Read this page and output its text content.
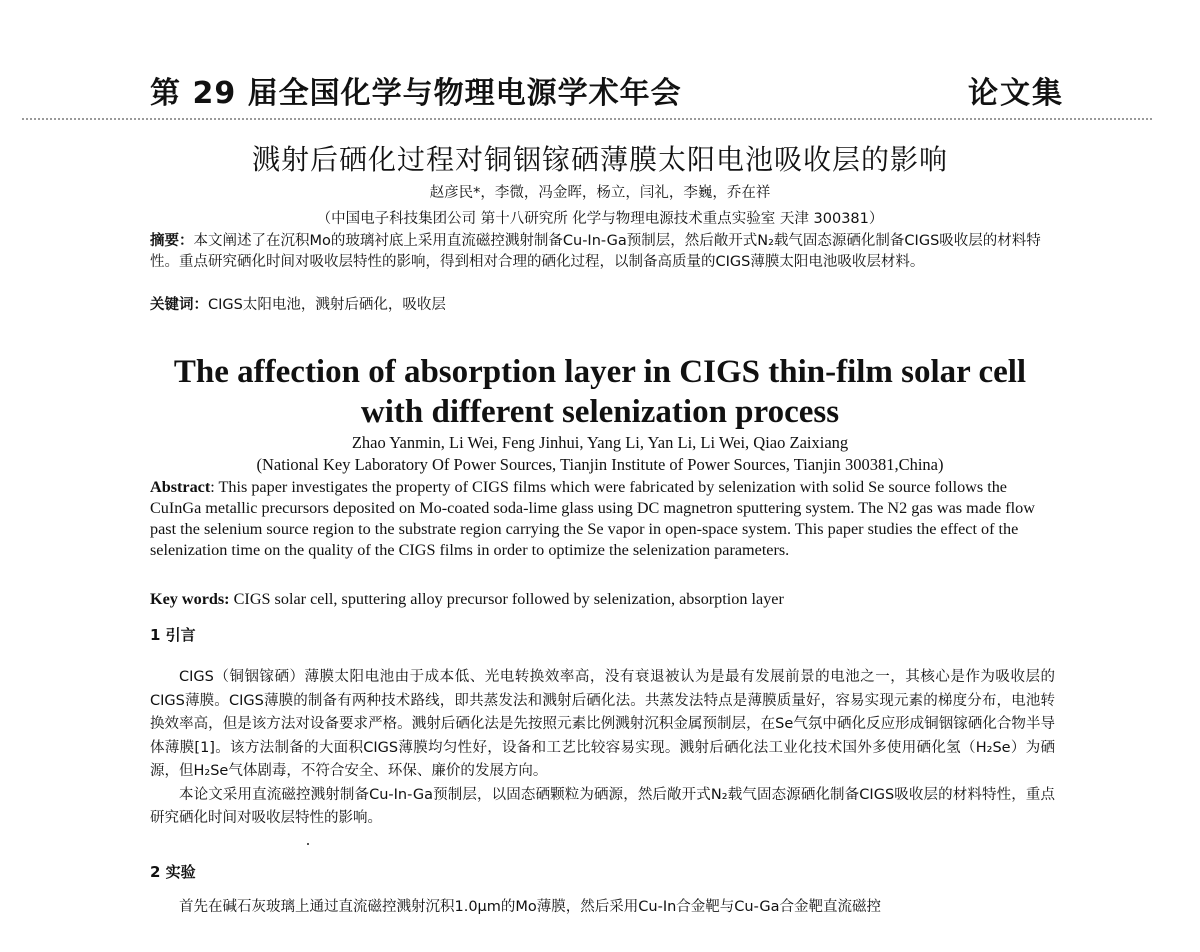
第 29 届全国化学与物理电源学术年会	论文集
溅射后硒化过程对铜铟镓硒薄膜太阳电池吸收层的影响
赵彦民*，李微，冯金晖，杨立，闫礼，李巍，乔在祥
（中国电子科技集团公司 第十八研究所 化学与物理电源技术重点实验室 天津 300381）
摘要：本文阐述了在沉积Mo的玻璃衬底上采用直流磁控溅射制备Cu-In-Ga预制层，然后敞开式N₂载气固态源硒化制备CIGS吸收层的材料特性。重点研究硒化时间对吸收层特性的影响，得到相对合理的硒化过程，以制备高质量的CIGS薄膜太阳电池吸收层材料。
关键词：CIGS太阳电池，溅射后硒化，吸收层
The affection of absorption layer in CIGS thin-film solar cell
with different selenization process
Zhao Yanmin, Li Wei, Feng Jinhui, Yang Li, Yan Li, Li Wei, Qiao Zaixiang
(National Key Laboratory Of Power Sources, Tianjin Institute of Power Sources, Tianjin 300381,China)
Abstract: This paper investigates the property of CIGS films which were fabricated by selenization with solid Se source follows the CuInGa metallic precursors deposited on Mo-coated soda-lime glass using DC magnetron sputtering system. The N2 gas was made flow past the selenium source region to the substrate region carrying the Se vapor in open-space system. This paper studies the effect of the selenization time on the quality of the CIGS films in order to optimize the selenization parameters.
Key words: CIGS solar cell, sputtering alloy precursor followed by selenization, absorption layer
1 引言

CIGS（铜铟镓硒）薄膜太阳电池由于成本低、光电转换效率高，没有衰退被认为是最有发展前景的电池之一，其核心是作为吸收层的CIGS薄膜。CIGS薄膜的制备有两种技术路线，即共蒸发法和溅射后硒化法。共蒸发法特点是薄膜质量好，容易实现元素的梯度分布，电池转换效率高，但是该方法对设备要求严格。溅射后硒化法是先按照元素比例溅射沉积金属预制层，在Se气氛中硒化反应形成铜铟镓硒化合物半导体薄膜[1]。该方法制备的大面积CIGS薄膜均匀性好，设备和工艺比较容易实现。溅射后硒化法工业化技术国外多使用硒化氢（H₂Se）为硒源，但H₂Se气体剧毒，不符合安全、环保、廉价的发展方向。

本论文采用直流磁控溅射制备Cu-In-Ga预制层，以固态硒颗粒为硒源，然后敞开式N₂载气固态源硒化制备CIGS吸收层的材料特性，重点研究硒化时间对吸收层特性的影响。

2 实验

首先在碱石灰玻璃上通过直流磁控溅射沉积1.0μm的Mo薄膜，然后采用Cu-In合金靶与Cu-Ga合金靶直流磁控
